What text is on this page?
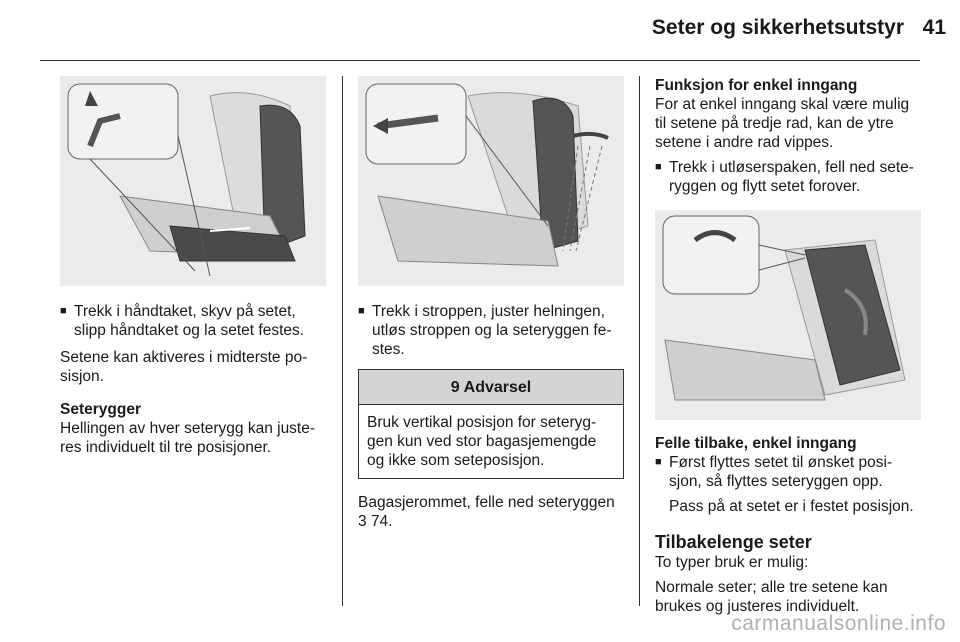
Seter og sikkerhetsutstyr 41
■ Trekk i håndtaket, skyv på setet, slipp håndtaket og la setet festes.

Setene kan aktiveres i midterste po-sisjon.

Seterygger

Hellingen av hver seterygg kan juste-res individuelt til tre posisjoner.

■ Trekk i stroppen, juster helningen, utløs stroppen og la seteryggen fe-stes.
9 Advarsel
Bruk vertikal posisjon for seteryg-gen kun ved stor bagasjemengde og ikke som seteposisjon.

Bagasjerommet, felle ned seteryggen 3 74.

Funksjon for enkel inngang

For at enkel inngang skal være mulig til setene på tredje rad, kan de ytre setene i andre rad vippes.

■ Trekk i utløserspaken, fell ned sete-ryggen og flytt setet forover.

Felle tilbake, enkel inngang

■ Først flyttes setet til ønsket posi-sjon, så flyttes seteryggen opp.

Pass på at setet er i festet posisjon.

Tilbakelenge seter

To typer bruk er mulig:

Normale seter; alle tre setene kan brukes og justeres individuelt.

carmanualsonline.info
